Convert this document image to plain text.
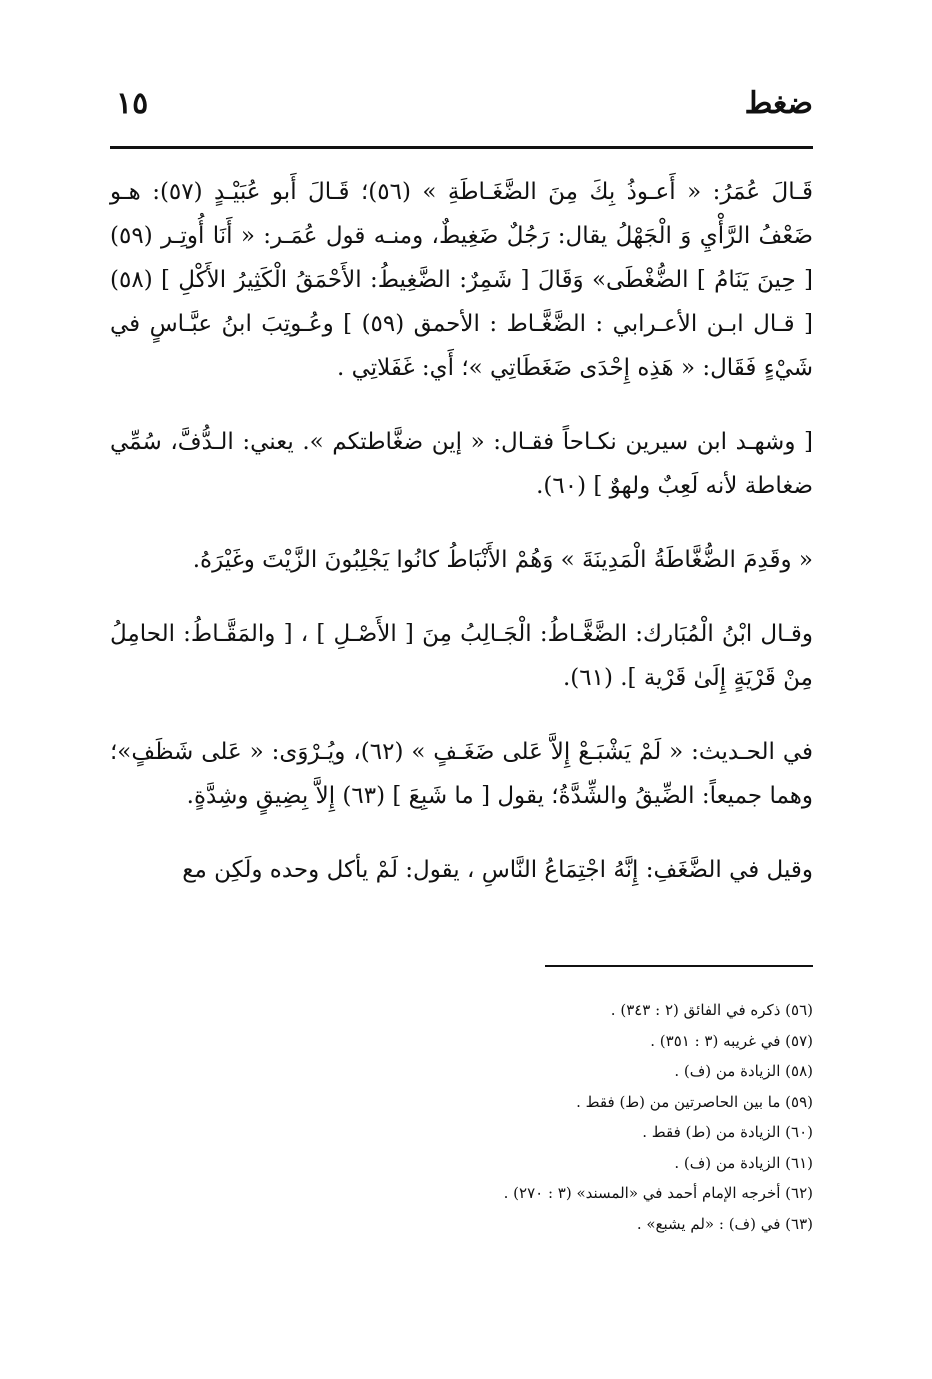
ضغط
١٥

قَـالَ عُمَرُ: « أَعـوذُ بِكَ مِنَ الضَّغَـاطَةِ » (٥٦)؛ قَـالَ أَبو عُبَيْـدٍ (٥٧): هـو ضَعْفُ الرَّأْيِ وَ الْجَهْلُ يقال: رَجُلٌ ضَغِيطٌ، ومنـه قول عُمَـر: « أَنَا أُوتِـر (٥٩) [ حِينَ يَنَامُ ] الضُّغْطَى» وَقَالَ [ شَمِرٌ: الضَّغِيطُ: الأَحْمَقُ الْكَثِيرُ الأَكْلِ ] (٥٨) [ قـال ابـن الأعـرابي : الضَّغَّـاط : الأحمق (٥٩) ] وعُـوتِبَ ابنُ عبَّـاسٍ في شَيْءٍ فَقَال: « هَذِه إِحْدَى ضَغَطَاتِي »؛ أَي: غَفَلاتِي .

[ وشهـد ابن سيرين نكـاحاً فقـال: « إين ضغَّاطتكم ». يعني: الـدُّفَّ، سُمِّي ضغاطة لأنه لَعِبٌ ولهوٌ ] (٦٠).

« وقَدِمَ الضُّغَّاطَةُ الْمَدِينَةَ » وَهُمْ الأَنْبَاطُ كانُوا يَجْلِبُونَ الزَّيْتَ وغَيْرَهُ.

وقـال ابْنُ الْمُبَارك: الضَّغَّـاطُ: الْجَـالِبُ مِنَ [ الأَصْـلِ ] ، [ والمَقَّـاطُ: الحامِلُ مِنْ قَرْيَةٍ إِلَىٰ قَرْية ]. (٦١).

في الحـديث: « لَمْ يَشْبَـعْ إِلاَّ عَلى ضَغَـفٍ » (٦٢)، ويُـرْوَى: « عَلى شَظَفٍ»؛ وهما جميعاً: الضِّيقُ والشِّدَّةُ؛ يقول [ ما شَبِعَ ] (٦٣) إِلاَّ بِضِيقٍ وشِدَّةٍ.

وقيل في الضَّغَفِ: إِنَّهُ اجْتِمَاعُ النَّاسِ ، يقول: لَمْ يأكل وحده ولَكِن مع

(٥٦) ذكره في الفائق (٢ : ٣٤٣) .
(٥٧) في غريبه (٣ : ٣٥١) .
(٥٨) الزيادة من (ف) .
(٥٩) ما بين الحاصرتين من (ط) فقط .
(٦٠) الزيادة من (ط) فقط .
(٦١) الزيادة من (ف) .
(٦٢) أخرجه الإمام أحمد في «المسند» (٣ : ٢٧٠) .
(٦٣) في (ف) : «لم يشبع» .
